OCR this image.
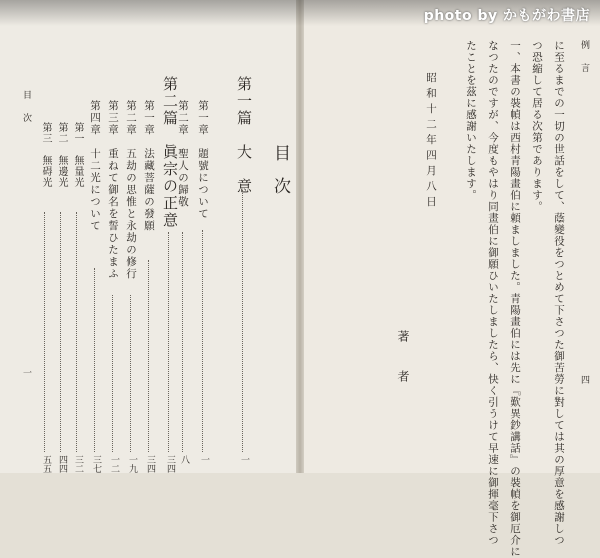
photo by かもがわ書店
目次
一
目次
第一篇　大　意
一
第一章　題號について
一
第二章　聖人の歸敬
八
第二篇　眞宗の正意
三四
第一章　法藏菩薩の發願
三四
第二章　五劫の思惟と永劫の修行
一九
第三章　重ねて御名を誓ひたまふ
一二
第四章　十二光について
三七
第一　無量光
三二
第二　無邊光
四四
第三　無碍光
五五
例言
四
に至るまでの一切の世話をして、蔭變役をつとめて下さつた御苦勞に對しては其の厚意を感謝しつ
つ恐縮して居る次第であります。
一、本書の裝幀は西村青陽畫伯に頼ましました。青陽畫伯には先に『歎異鈔講話』の裝幀を御厄介に
なつたのですが、今度もやはり同畫伯に御願ひいたしましたら、快く引うけて早速に御揮毫下さつ
たことを茲に感謝いたします。
昭和十二年四月八日
著　者
